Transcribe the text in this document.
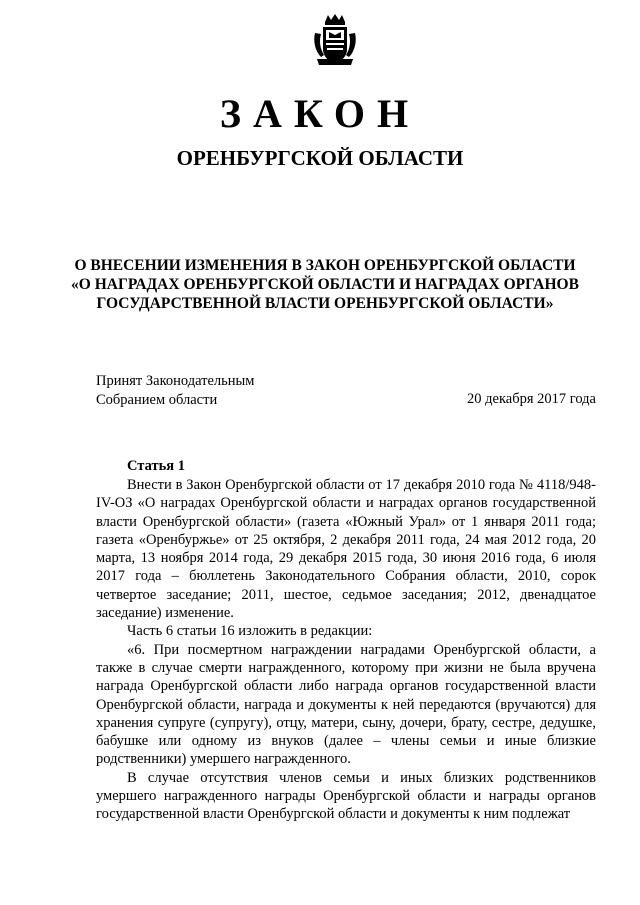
ЗАКОН
ОРЕНБУРГСКОЙ ОБЛАСТИ
О ВНЕСЕНИИ ИЗМЕНЕНИЯ В ЗАКОН ОРЕНБУРГСКОЙ ОБЛАСТИ
«О НАГРАДАХ ОРЕНБУРГСКОЙ ОБЛАСТИ И НАГРАДАХ ОРГАНОВ
ГОСУДАРСТВЕННОЙ ВЛАСТИ ОРЕНБУРГСКОЙ ОБЛАСТИ»
Принят Законодательным
Собранием области	20 декабря 2017 года
Статья 1

Внести в Закон Оренбургской области от 17 декабря 2010 года № 4118/948-IV-ОЗ «О наградах Оренбургской области и наградах органов государственной власти Оренбургской области» (газета «Южный Урал» от 1 января 2011 года; газета «Оренбуржье» от 25 октября, 2 декабря 2011 года, 24 мая 2012 года, 20 марта, 13 ноября 2014 года, 29 декабря 2015 года, 30 июня 2016 года, 6 июля 2017 года – бюллетень Законодательного Собрания области, 2010, сорок четвертое заседание; 2011, шестое, седьмое заседания; 2012, двенадцатое заседание) изменение.

Часть 6 статьи 16 изложить в редакции:

«6. При посмертном награждении наградами Оренбургской области, а также в случае смерти награжденного, которому при жизни не была вручена награда Оренбургской области либо награда органов государственной власти Оренбургской области, награда и документы к ней передаются (вручаются) для хранения супруге (супругу), отцу, матери, сыну, дочери, брату, сестре, дедушке, бабушке или одному из внуков (далее – члены семьи и иные близкие родственники) умершего награжденного.

В случае отсутствия членов семьи и иных близких родственников умершего награжденного награды Оренбургской области и награды органов государственной власти Оренбургской области и документы к ним подлежат
